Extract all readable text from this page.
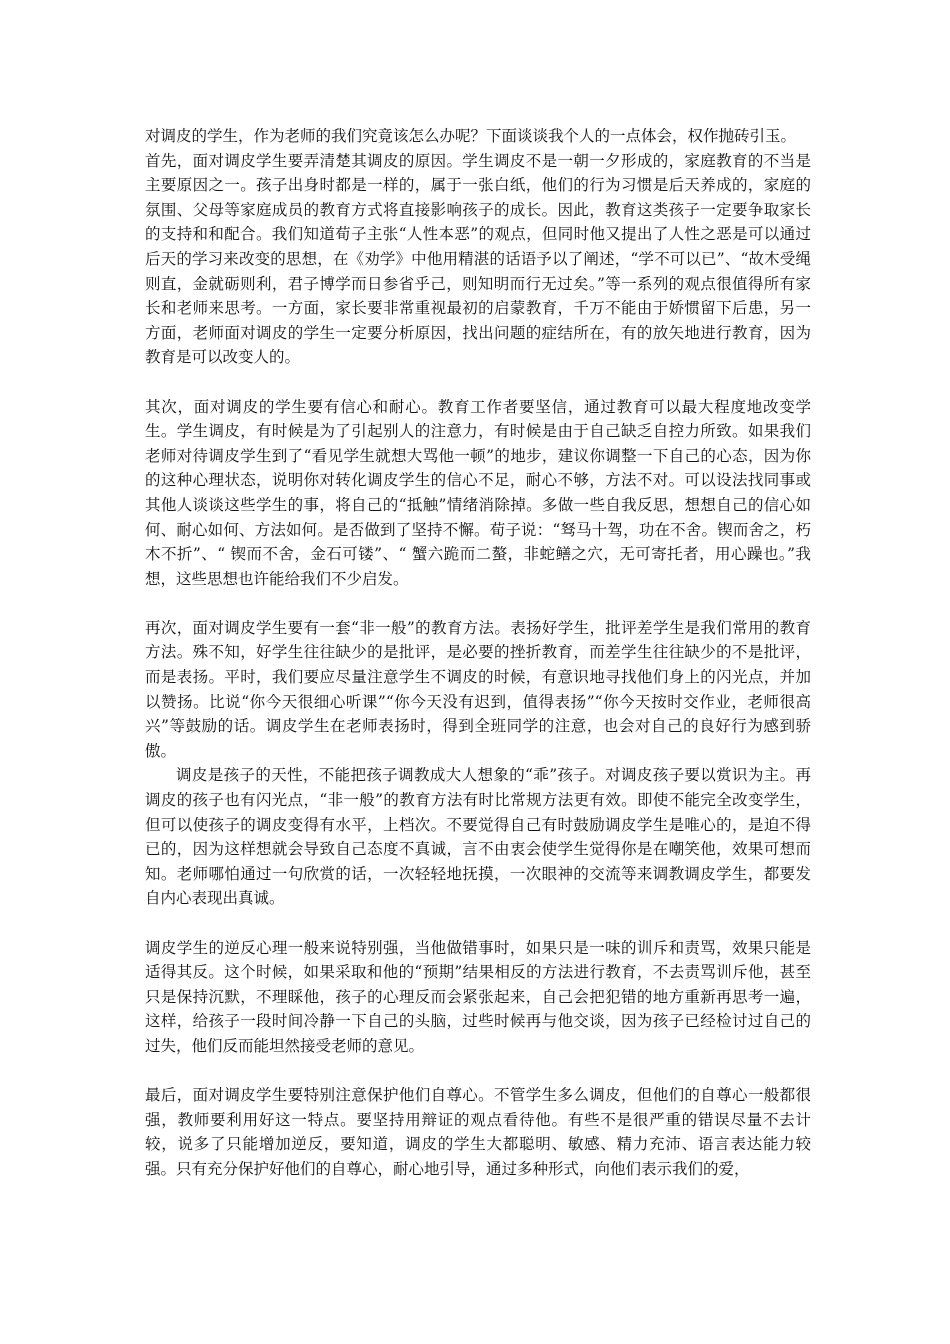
对调皮的学生，作为老师的我们究竟该怎么办呢？下面谈谈我个人的一点体会，权作抛砖引玉。

首先，面对调皮学生要弄清楚其调皮的原因。学生调皮不是一朝一夕形成的，家庭教育的不当是主要原因之一。孩子出身时都是一样的，属于一张白纸，他们的行为习惯是后天养成的，家庭的氛围、父母等家庭成员的教育方式将直接影响孩子的成长。因此，教育这类孩子一定要争取家长的支持和和配合。我们知道荀子主张“人性本恶”的观点，但同时他又提出了人性之恶是可以通过后天的学习来改变的思想，在《劝学》中他用精湛的话语予以了阐述，“学不可以已”、“故木受绳则直，金就砺则利，君子博学而日参省乎己，则知明而行无过矣。”等一系列的观点很值得所有家长和老师来思考。一方面，家长要非常重视最初的启蒙教育，千万不能由于娇惯留下后患，另一方面，老师面对调皮的学生一定要分析原因，找出问题的症结所在，有的放矢地进行教育，因为教育是可以改变人的。

其次，面对调皮的学生要有信心和耐心。教育工作者要坚信，通过教育可以最大程度地改变学生。学生调皮，有时候是为了引起别人的注意力，有时候是由于自己缺乏自控力所致。如果我们老师对待调皮学生到了“看见学生就想大骂他一顿”的地步，建议你调整一下自己的心态，因为你的这种心理状态，说明你对转化调皮学生的信心不足，耐心不够，方法不对。可以设法找同事或其他人谈谈这些学生的事，将自己的“抵触”情绪消除掉。多做一些自我反思，想想自己的信心如何、耐心如何、方法如何。是否做到了坚持不懈。荀子说：“驽马十驾，功在不舍。锲而舍之，朽木不折”、“ 锲而不舍，金石可镂”、“ 蟹六跪而二螯，非蛇鳝之穴，无可寄托者，用心躁也。”我想，这些思想也许能给我们不少启发。

再次，面对调皮学生要有一套“非一般”的教育方法。表扬好学生，批评差学生是我们常用的教育方法。殊不知，好学生往往缺少的是批评，是必要的挫折教育，而差学生往往缺少的不是批评，而是表扬。平时，我们要应尽量注意学生不调皮的时候，有意识地寻找他们身上的闪光点，并加以赞扬。比说“你今天很细心听课”“你今天没有迟到，值得表扬”“你今天按时交作业，老师很高兴”等鼓励的话。调皮学生在老师表扬时，得到全班同学的注意，也会对自己的良好行为感到骄傲。

调皮是孩子的天性，不能把孩子调教成大人想象的“乖”孩子。对调皮孩子要以赏识为主。再调皮的孩子也有闪光点，“非一般”的教育方法有时比常规方法更有效。即使不能完全改变学生，但可以使孩子的调皮变得有水平，上档次。不要觉得自己有时鼓励调皮学生是唯心的，是迫不得已的，因为这样想就会导致自己态度不真诚，言不由衷会使学生觉得你是在嘲笑他，效果可想而知。老师哪怕通过一句欣赏的话，一次轻轻地抚摸，一次眼神的交流等来调教调皮学生，都要发自内心表现出真诚。

调皮学生的逆反心理一般来说特别强，当他做错事时，如果只是一味的训斥和责骂，效果只能是适得其反。这个时候，如果采取和他的“预期”结果相反的方法进行教育，不去责骂训斥他，甚至只是保持沉默，不理睬他，孩子的心理反而会紧张起来，自己会把犯错的地方重新再思考一遍，这样，给孩子一段时间冷静一下自己的头脑，过些时候再与他交谈，因为孩子已经检讨过自己的过失，他们反而能坦然接受老师的意见。

最后，面对调皮学生要特别注意保护他们自尊心。不管学生多么调皮，但他们的自尊心一般都很强，教师要利用好这一特点。要坚持用辩证的观点看待他。有些不是很严重的错误尽量不去计较，说多了只能增加逆反，要知道，调皮的学生大都聪明、敏感、精力充沛、语言表达能力较强。只有充分保护好他们的自尊心，耐心地引导，通过多种形式，向他们表示我们的爱，
